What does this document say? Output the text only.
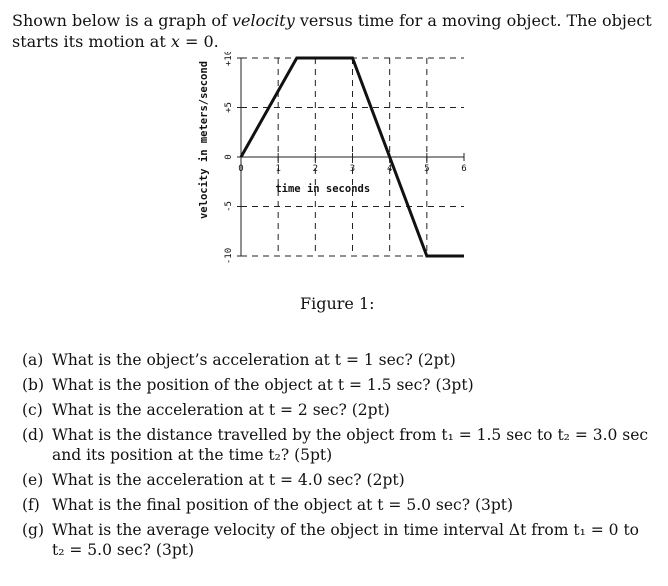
Shown below is a graph of velocity versus time for a moving object. The object starts its motion at x = 0.
0	1	2	3	4	5	6
+10
+5
0
-5
-10
velocity in meters/second	time in seconds
Figure 1:
(a) What is the object’s acceleration at t = 1 sec? (2pt)
(b) What is the position of the object at t = 1.5 sec? (3pt)
(c) What is the acceleration at t = 2 sec? (2pt)
(d) What is the distance travelled by the object from t₁ = 1.5 sec to t₂ = 3.0 sec and its position at the time t₂? (5pt)
(e) What is the acceleration at t = 4.0 sec? (2pt)
(f) What is the final position of the object at t = 5.0 sec? (3pt)
(g) What is the average velocity of the object in time interval Δt from t₁ = 0 to t₂ = 5.0 sec? (3pt)
